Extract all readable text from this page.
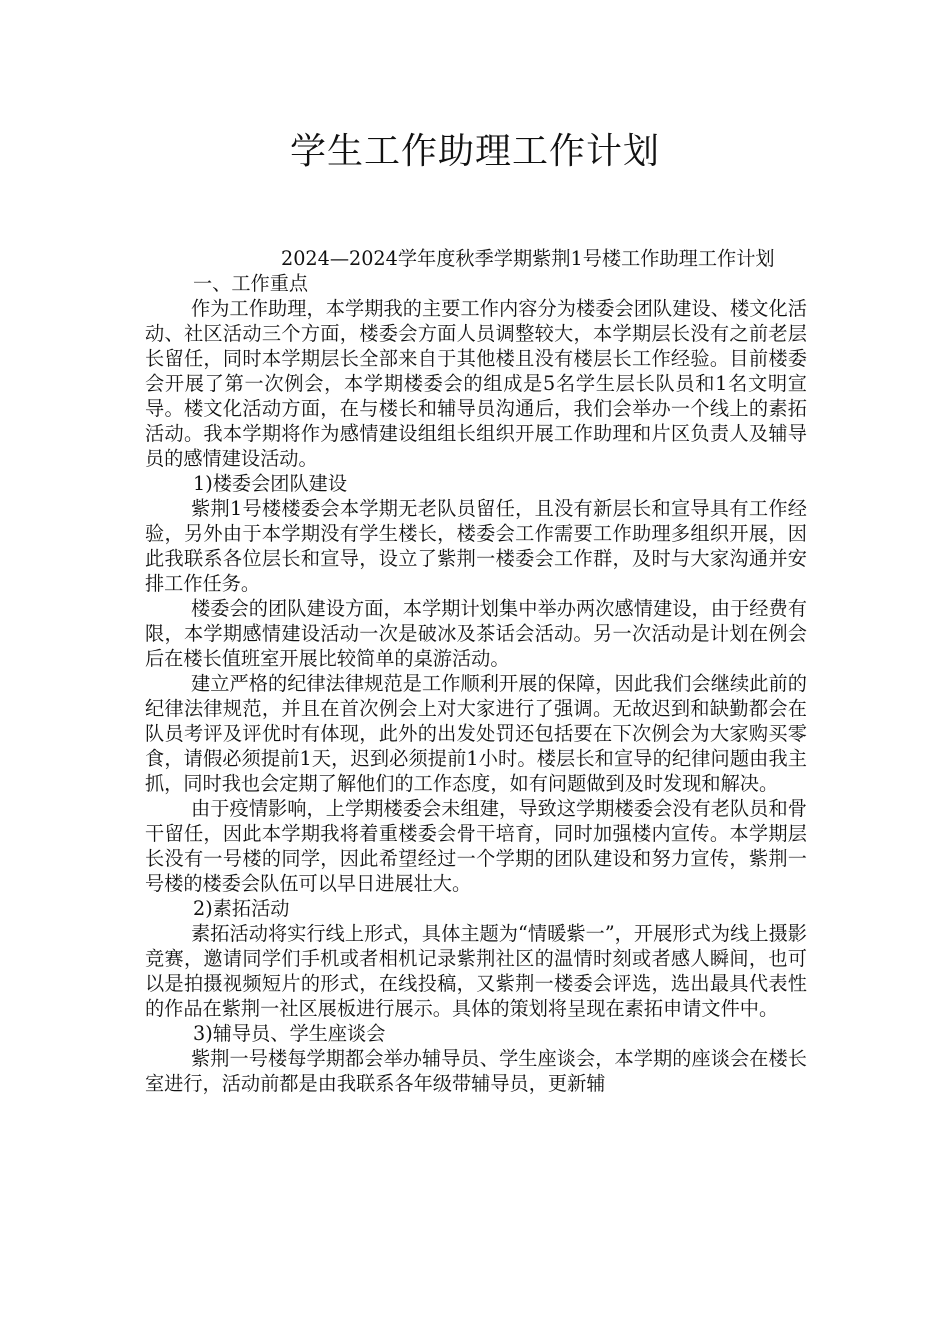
学生工作助理工作计划

2024—2024学年度秋季学期紫荆1号楼工作助理工作计划

一、工作重点

作为工作助理，本学期我的主要工作内容分为楼委会团队建设、楼文化活动、社区活动三个方面，楼委会方面人员调整较大，本学期层长没有之前老层长留任，同时本学期层长全部来自于其他楼且没有楼层长工作经验。目前楼委会开展了第一次例会，本学期楼委会的组成是5名学生层长队员和1名文明宣导。楼文化活动方面，在与楼长和辅导员沟通后，我们会举办一个线上的素拓活动。我本学期将作为感情建设组组长组织开展工作助理和片区负责人及辅导员的感情建设活动。

1)楼委会团队建设

紫荆1号楼楼委会本学期无老队员留任，且没有新层长和宣导具有工作经验，另外由于本学期没有学生楼长，楼委会工作需要工作助理多组织开展，因此我联系各位层长和宣导，设立了紫荆一楼委会工作群，及时与大家沟通并安排工作任务。

楼委会的团队建设方面，本学期计划集中举办两次感情建设，由于经费有限，本学期感情建设活动一次是破冰及茶话会活动。另一次活动是计划在例会后在楼长值班室开展比较简单的桌游活动。

建立严格的纪律法律规范是工作顺利开展的保障，因此我们会继续此前的纪律法律规范，并且在首次例会上对大家进行了强调。无故迟到和缺勤都会在队员考评及评优时有体现，此外的出发处罚还包括要在下次例会为大家购买零食，请假必须提前1天，迟到必须提前1小时。楼层长和宣导的纪律问题由我主抓，同时我也会定期了解他们的工作态度，如有问题做到及时发现和解决。

由于疫情影响，上学期楼委会未组建，导致这学期楼委会没有老队员和骨干留任，因此本学期我将着重楼委会骨干培育，同时加强楼内宣传。本学期层长没有一号楼的同学，因此希望经过一个学期的团队建设和努力宣传，紫荆一号楼的楼委会队伍可以早日进展壮大。

2)素拓活动

素拓活动将实行线上形式，具体主题为“情暖紫一”，开展形式为线上摄影竞赛，邀请同学们手机或者相机记录紫荆社区的温情时刻或者感人瞬间，也可以是拍摄视频短片的形式，在线投稿，又紫荆一楼委会评选，选出最具代表性的作品在紫荆一社区展板进行展示。具体的策划将呈现在素拓申请文件中。

3)辅导员、学生座谈会

紫荆一号楼每学期都会举办辅导员、学生座谈会，本学期的座谈会在楼长室进行，活动前都是由我联系各年级带辅导员，更新辅
